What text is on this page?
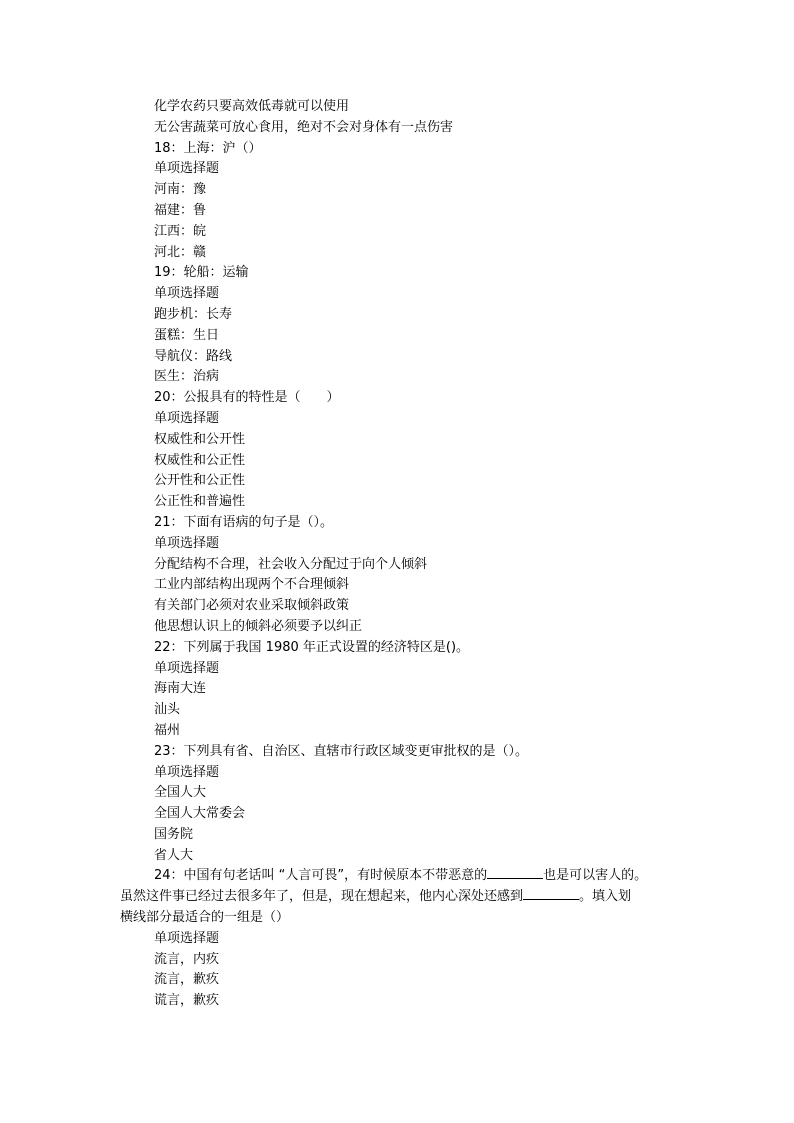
化学农药只要高效低毒就可以使用
无公害蔬菜可放心食用，绝对不会对身体有一点伤害
18：上海：沪（）
单项选择题
河南：豫
福建：鲁
江西：皖
河北：赣
19：轮船：运输
单项选择题
跑步机：长寿
蛋糕：生日
导航仪：路线
医生：治病
20：公报具有的特性是（　　）
单项选择题
权威性和公开性
权威性和公正性
公开性和公正性
公正性和普遍性
21：下面有语病的句子是（）。
单项选择题
分配结构不合理，社会收入分配过于向个人倾斜
工业内部结构出现两个不合理倾斜
有关部门必须对农业采取倾斜政策
他思想认识上的倾斜必须要予以纠正
22：下列属于我国 1980 年正式设置的经济特区是()。
单项选择题
海南大连
汕头
福州
23：下列具有省、自治区、直辖市行政区域变更审批权的是（）。
单项选择题
全国人大
全国人大常委会
国务院
省人大
24：中国有句老话叫 “人言可畏”，有时候原本不带恶意的	也是可以害人的。
虽然这件事已经过去很多年了，但是，现在想起来，他内心深处还感到	。填入划
横线部分最适合的一组是（）
单项选择题
流言，内疚
流言，歉疚
谎言，歉疚
